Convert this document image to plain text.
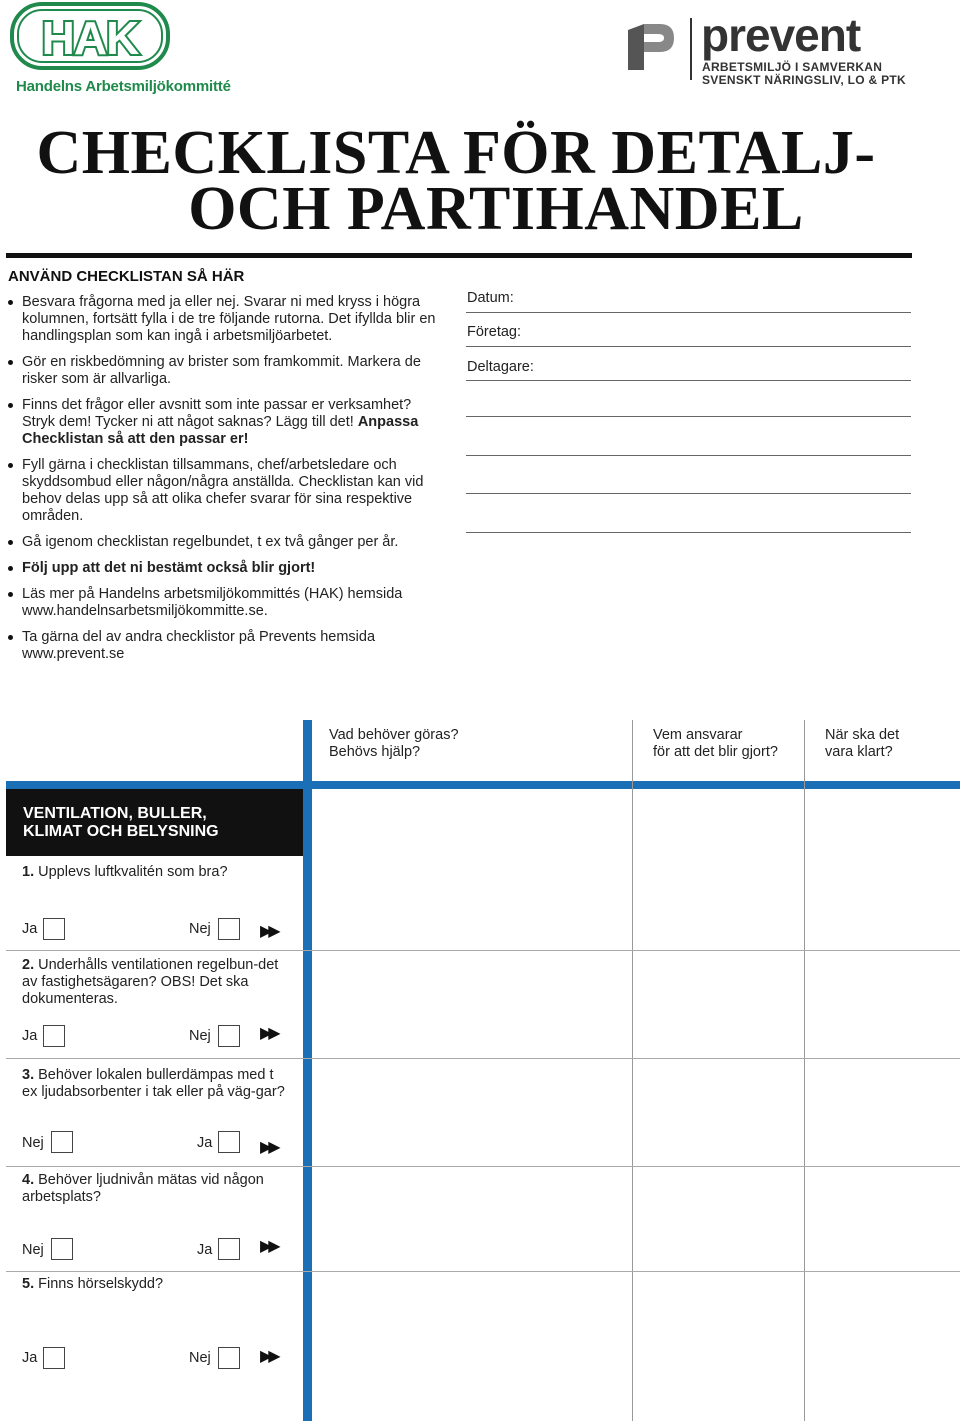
HAK
Handelns Arbetsmiljökommitté
prevent
ARBETSMILJÖ I SAMVERKAN
SVENSKT NÄRINGSLIV, LO & PTK
CHECKLISTA FÖR DETALJ-
OCH PARTIHANDEL
ANVÄND CHECKLISTAN SÅ HÄR
Besvara frågorna med ja eller nej. Svarar ni med kryss i högra kolumnen, fortsätt fylla i de tre följande rutorna. Det ifyllda blir en handlingsplan som kan ingå i arbetsmiljöarbetet.
Gör en riskbedömning av brister som framkommit. Markera de risker som är allvarliga.
Finns det frågor eller avsnitt som inte passar er verksamhet? Stryk dem! Tycker ni att något saknas? Lägg till det! Anpassa Checklistan så att den passar er!
Fyll gärna i checklistan tillsammans, chef/arbetsledare och skyddsombud eller någon/några anställda. Checklistan kan vid behov delas upp så att olika chefer svarar för sina respektive områden.
Gå igenom checklistan regelbundet, t ex två gånger per år.
Följ upp att det ni bestämt också blir gjort!
Läs mer på Handelns arbetsmiljökommittés (HAK) hemsida www.handelnsarbetsmiljökommitte.se.
Ta gärna del av andra checklistor på Prevents hemsida www.prevent.se
Datum:
Företag:
Deltagare:
Vad behöver göras?
Behövs hjälp?
Vem ansvarar
för att det blir gjort?
När ska det
vara klart?
VENTILATION, BULLER,
KLIMAT OCH BELYSNING
1. Upplevs luftkvalitén som bra?
Ja	Nej	▶▶
2. Underhålls ventilationen regelbun-det av fastighetsägaren? OBS! Det ska dokumenteras.
Ja	Nej	▶▶
3. Behöver lokalen bullerdämpas med t ex ljudabsorbenter i tak eller på väg-gar?
Nej	Ja	▶▶
4. Behöver ljudnivån mätas vid någon arbetsplats?
Nej	Ja	▶▶
5. Finns hörselskydd?
Ja	Nej	▶▶
